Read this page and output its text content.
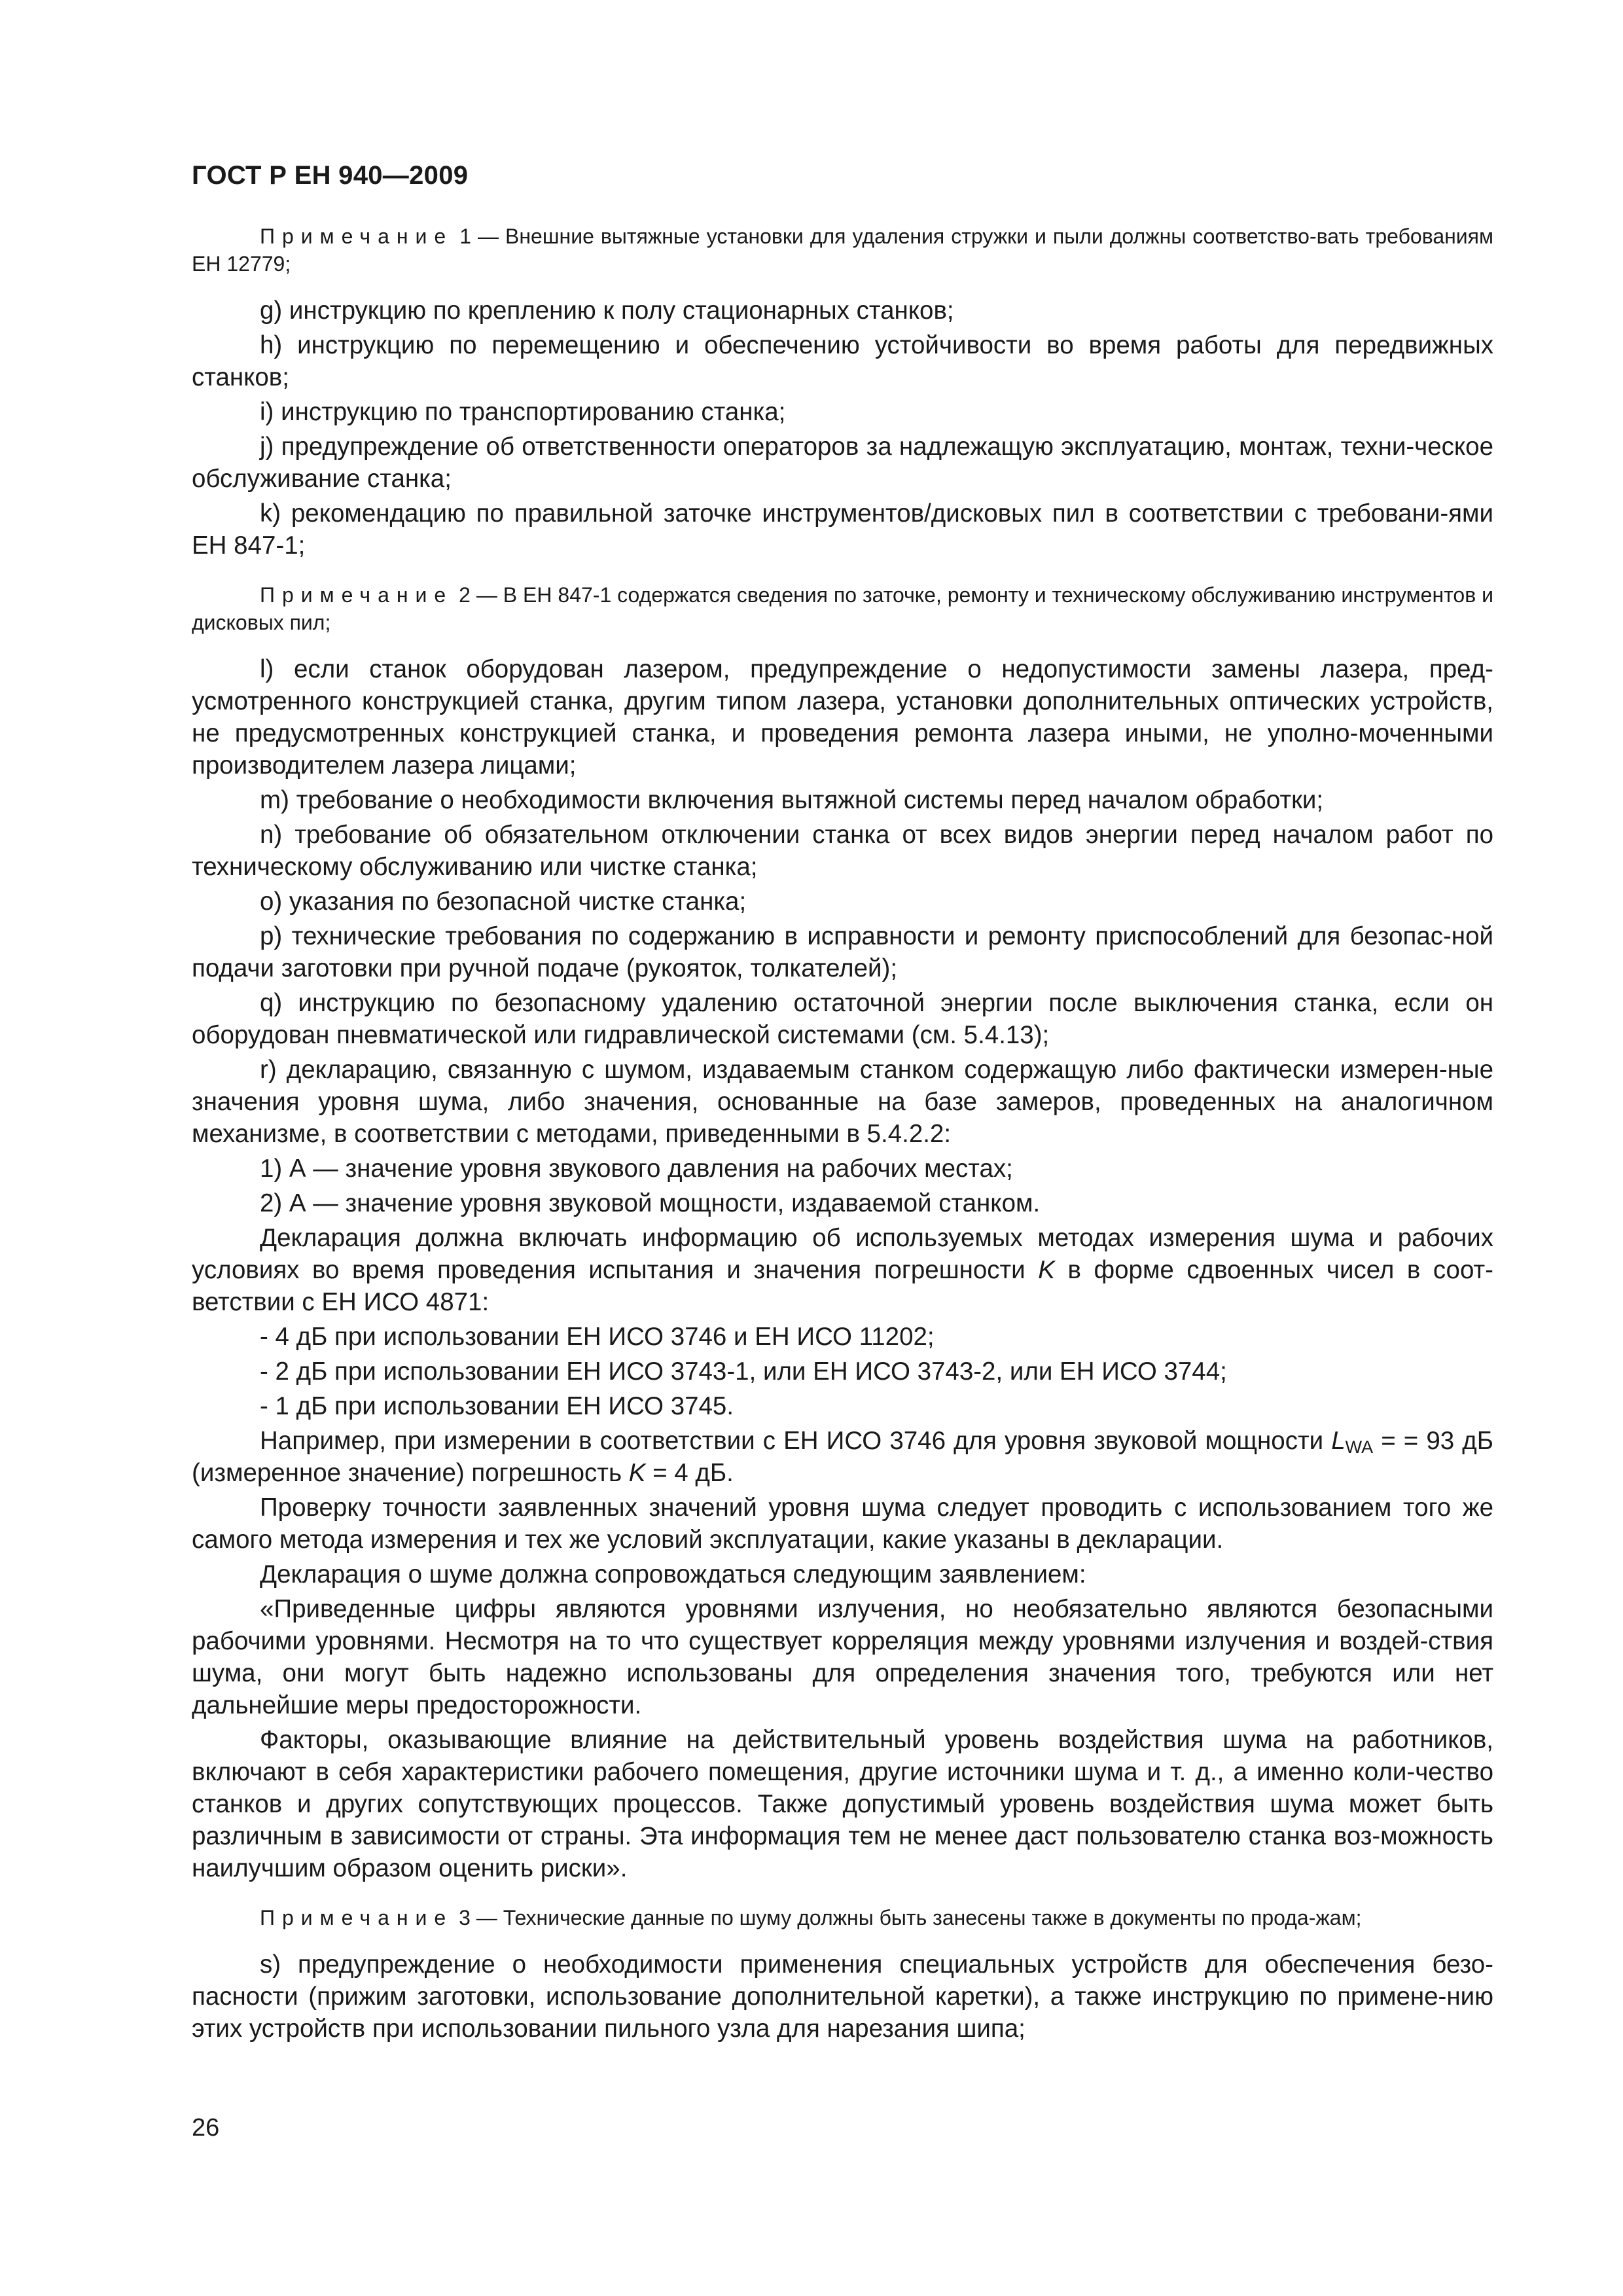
ГОСТ Р ЕН 940—2009
Примечание 1 — Внешние вытяжные установки для удаления стружки и пыли должны соответство-вать требованиям ЕН 12779;
g) инструкцию по креплению к полу стационарных станков;
h) инструкцию по перемещению и обеспечению устойчивости во время работы для передвижных станков;
i) инструкцию по транспортированию станка;
j) предупреждение об ответственности операторов за надлежащую эксплуатацию, монтаж, техни-ческое обслуживание станка;
k) рекомендацию по правильной заточке инструментов/дисковых пил в соответствии с требовани-ями ЕН 847-1;
Примечание 2 — В ЕН 847-1 содержатся сведения по заточке, ремонту и техническому обслуживанию инструментов и дисковых пил;
l) если станок оборудован лазером, предупреждение о недопустимости замены лазера, пред-усмотренного конструкцией станка, другим типом лазера, установки дополнительных оптических устройств, не предусмотренных конструкцией станка, и проведения ремонта лазера иными, не уполно-моченными производителем лазера лицами;
m) требование о необходимости включения вытяжной системы перед началом обработки;
n) требование об обязательном отключении станка от всех видов энергии перед началом работ по техническому обслуживанию или чистке станка;
o) указания по безопасной чистке станка;
p) технические требования по содержанию в исправности и ремонту приспособлений для безопас-ной подачи заготовки при ручной подаче (рукояток, толкателей);
q) инструкцию по безопасному удалению остаточной энергии после выключения станка, если он оборудован пневматической или гидравлической системами (см. 5.4.13);
r) декларацию, связанную с шумом, издаваемым станком содержащую либо фактически измерен-ные значения уровня шума, либо значения, основанные на базе замеров, проведенных на аналогичном механизме, в соответствии с методами, приведенными в 5.4.2.2:
1) А — значение уровня звукового давления на рабочих местах;
2) А — значение уровня звуковой мощности, издаваемой станком.
Декларация должна включать информацию об используемых методах измерения шума и рабочих условиях во время проведения испытания и значения погрешности K в форме сдвоенных чисел в соот-ветствии с ЕН ИСО 4871:
- 4 дБ при использовании ЕН ИСО 3746 и ЕН ИСО 11202;
- 2 дБ при использовании ЕН ИСО 3743-1, или ЕН ИСО 3743-2, или ЕН ИСО 3744;
- 1 дБ при использовании ЕН ИСО 3745.
Например, при измерении в соответствии с ЕН ИСО 3746 для уровня звуковой мощности $L_{WA}$ = = 93 дБ (измеренное значение) погрешность K = 4 дБ.
Проверку точности заявленных значений уровня шума следует проводить с использованием того же самого метода измерения и тех же условий эксплуатации, какие указаны в декларации.
Декларация о шуме должна сопровождаться следующим заявлением:
«Приведенные цифры являются уровнями излучения, но необязательно являются безопасными рабочими уровнями. Несмотря на то что существует корреляция между уровнями излучения и воздей-ствия шума, они могут быть надежно использованы для определения значения того, требуются или нет дальнейшие меры предосторожности.
Факторы, оказывающие влияние на действительный уровень воздействия шума на работников, включают в себя характеристики рабочего помещения, другие источники шума и т. д., а именно коли-чество станков и других сопутствующих процессов. Также допустимый уровень воздействия шума может быть различным в зависимости от страны. Эта информация тем не менее даст пользователю станка воз-можность наилучшим образом оценить риски».
Примечание 3 — Технические данные по шуму должны быть занесены также в документы по прода-жам;
s) предупреждение о необходимости применения специальных устройств для обеспечения безо-пасности (прижим заготовки, использование дополнительной каретки), а также инструкцию по примене-нию этих устройств при использовании пильного узла для нарезания шипа;
26
